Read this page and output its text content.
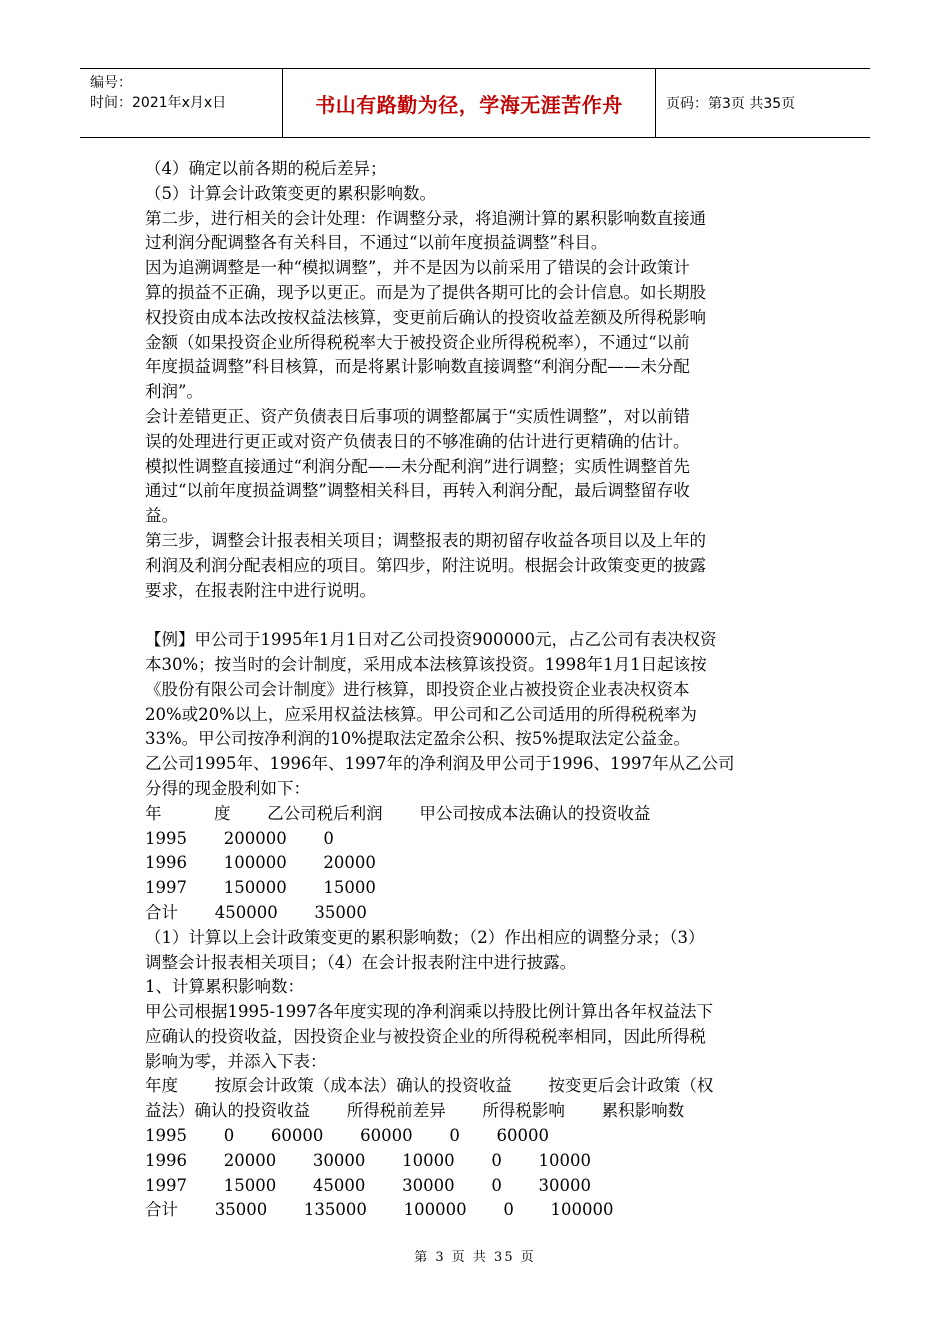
编号：
时间：2021年x月x日	书山有路勤为径，学海无涯苦作舟	页码：第3页 共35页

（4）确定以前各期的税后差异；

（5）计算会计政策变更的累积影响数。

第二步，进行相关的会计处理：作调整分录，将追溯计算的累积影响数直接通

过利润分配调整各有关科目，不通过“以前年度损益调整”科目。

因为追溯调整是一种“模拟调整”，并不是因为以前采用了错误的会计政策计

算的损益不正确，现予以更正。而是为了提供各期可比的会计信息。如长期股

权投资由成本法改按权益法核算，变更前后确认的投资收益差额及所得税影响

金额（如果投资企业所得税税率大于被投资企业所得税税率），不通过“以前

年度损益调整”科目核算，而是将累计影响数直接调整“利润分配——未分配

利润”。

会计差错更正、资产负债表日后事项的调整都属于“实质性调整”，对以前错

误的处理进行更正或对资产负债表日的不够准确的估计进行更精确的估计。

模拟性调整直接通过“利润分配——未分配利润”进行调整；实质性调整首先

通过“以前年度损益调整”调整相关科目，再转入利润分配，最后调整留存收

益。

第三步，调整会计报表相关项目；调整报表的期初留存收益各项目以及上年的

利润及利润分配表相应的项目。第四步，附注说明。根据会计政策变更的披露

要求，在报表附注中进行说明。

【例】甲公司于1995年1月1日对乙公司投资900000元，占乙公司有表决权资

本30%；按当时的会计制度，采用成本法核算该投资。1998年1月1日起该按

《股份有限公司会计制度》进行核算，即投资企业占被投资企业表决权资本

20%或20%以上，应采用权益法核算。甲公司和乙公司适用的所得税税率为

33%。甲公司按净利润的10%提取法定盈余公积、按5%提取法定公益金。

乙公司1995年、1996年、1997年的净利润及甲公司于1996、1997年从乙公司

分得的现金股利如下：

年          度       乙公司税后利润       甲公司按成本法确认的投资收益

1995       200000       0

1996       100000       20000

1997       150000       15000

合计       450000       35000

（1）计算以上会计政策变更的累积影响数；（2）作出相应的调整分录；（3）

调整会计报表相关项目；（4）在会计报表附注中进行披露。

1、计算累积影响数：

甲公司根据1995-1997各年度实现的净利润乘以持股比例计算出各年权益法下

应确认的投资收益，因投资企业与被投资企业的所得税税率相同，因此所得税

影响为零，并添入下表：

年度       按原会计政策（成本法）确认的投资收益       按变更后会计政策（权

益法）确认的投资收益       所得税前差异       所得税影响       累积影响数

1995       0       60000       60000       0       60000

1996       20000       30000       10000       0       10000

1997       15000       45000       30000       0       30000

合计       35000       135000       100000       0       100000

第 3 页 共 35 页
